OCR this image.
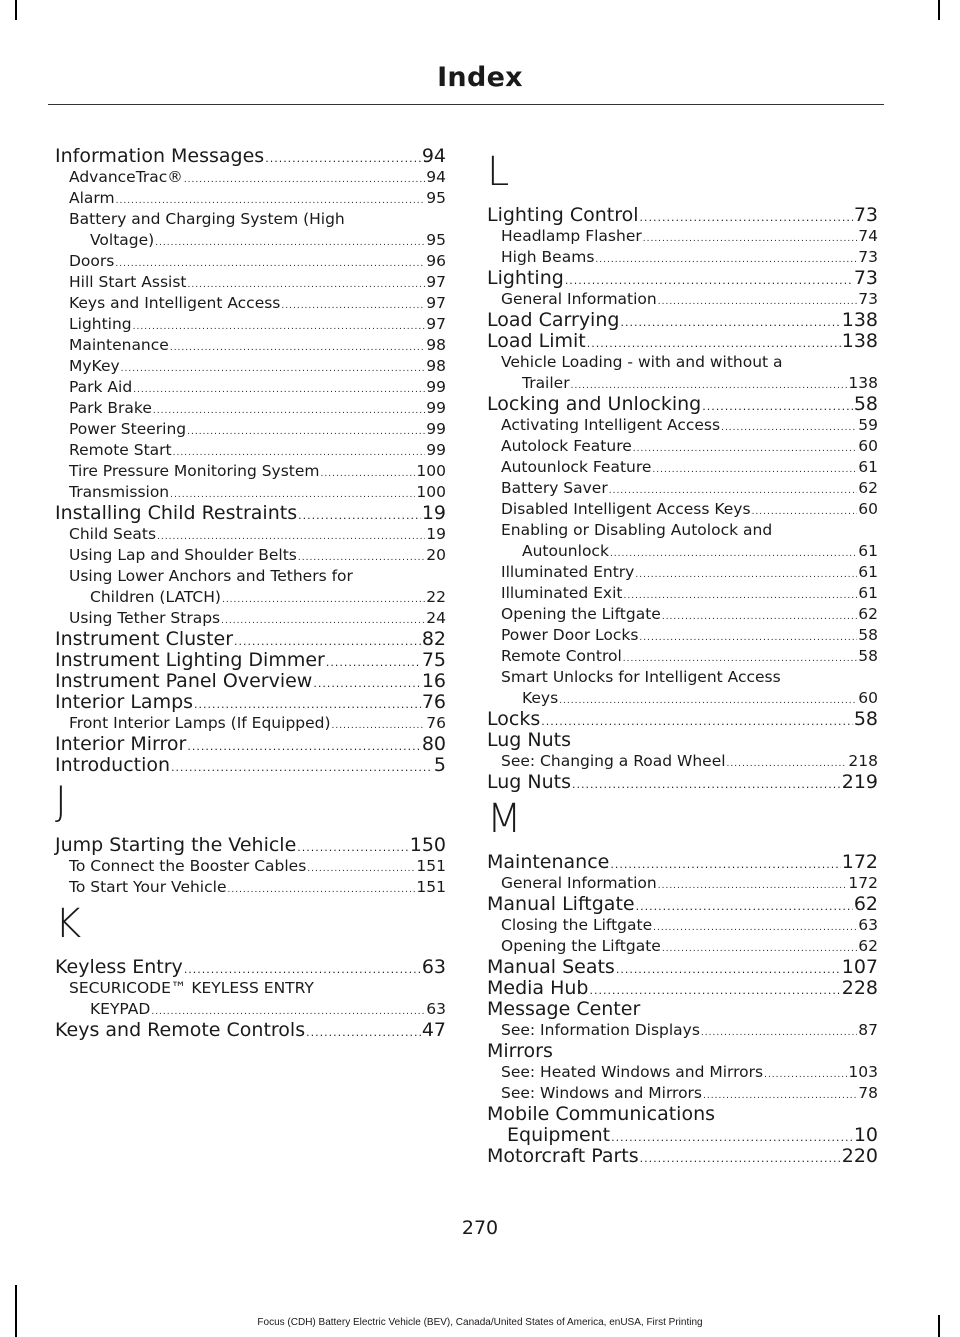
Index
Information Messages .....	94
AdvanceTrac® .....	94
Alarm .....	95
Battery and Charging System (High
Voltage) .....	95
Doors .....	96
Hill Start Assist .....	97
Keys and Intelligent Access .....	97
Lighting .....	97
Maintenance .....	98
MyKey .....	98
Park Aid .....	99
Park Brake .....	99
Power Steering .....	99
Remote Start .....	99
Tire Pressure Monitoring System .....	100
Transmission .....	100
Installing Child Restraints .....	19
Child Seats .....	19
Using Lap and Shoulder Belts .....	20
Using Lower Anchors and Tethers for
Children (LATCH) .....	22
Using Tether Straps .....	24
Instrument Cluster .....	82
Instrument Lighting Dimmer .....	75
Instrument Panel Overview .....	16
Interior Lamps .....	76
Front Interior Lamps (If Equipped) .....	76
Interior Mirror .....	80
Introduction .....	5
J
Jump Starting the Vehicle .....	150
To Connect the Booster Cables .....	151
To Start Your Vehicle .....	151
K
Keyless Entry .....	63
SECURICODE™ KEYLESS ENTRY
KEYPAD .....	63
Keys and Remote Controls .....	47
L
Lighting Control .....	73
Headlamp Flasher .....	74
High Beams .....	73
Lighting .....	73
General Information .....	73
Load Carrying .....	138
Load Limit .....	138
Vehicle Loading - with and without a
Trailer .....	138
Locking and Unlocking .....	58
Activating Intelligent Access .....	59
Autolock Feature .....	60
Autounlock Feature .....	61
Battery Saver .....	62
Disabled Intelligent Access Keys .....	60
Enabling or Disabling Autolock and
Autounlock .....	61
Illuminated Entry .....	61
Illuminated Exit .....	61
Opening the Liftgate .....	62
Power Door Locks .....	58
Remote Control .....	58
Smart Unlocks for Intelligent Access
Keys .....	60
Locks .....	58
Lug Nuts
See: Changing a Road Wheel .....	218
Lug Nuts .....	219
M
Maintenance .....	172
General Information .....	172
Manual Liftgate .....	62
Closing the Liftgate .....	63
Opening the Liftgate .....	62
Manual Seats .....	107
Media Hub .....	228
Message Center
See: Information Displays .....	87
Mirrors
See: Heated Windows and Mirrors .....	103
See: Windows and Mirrors .....	78
Mobile Communications
Equipment .....	10
Motorcraft Parts .....	220
270
Focus (CDH) Battery Electric Vehicle (BEV), Canada/United States of America, enUSA, First Printing
